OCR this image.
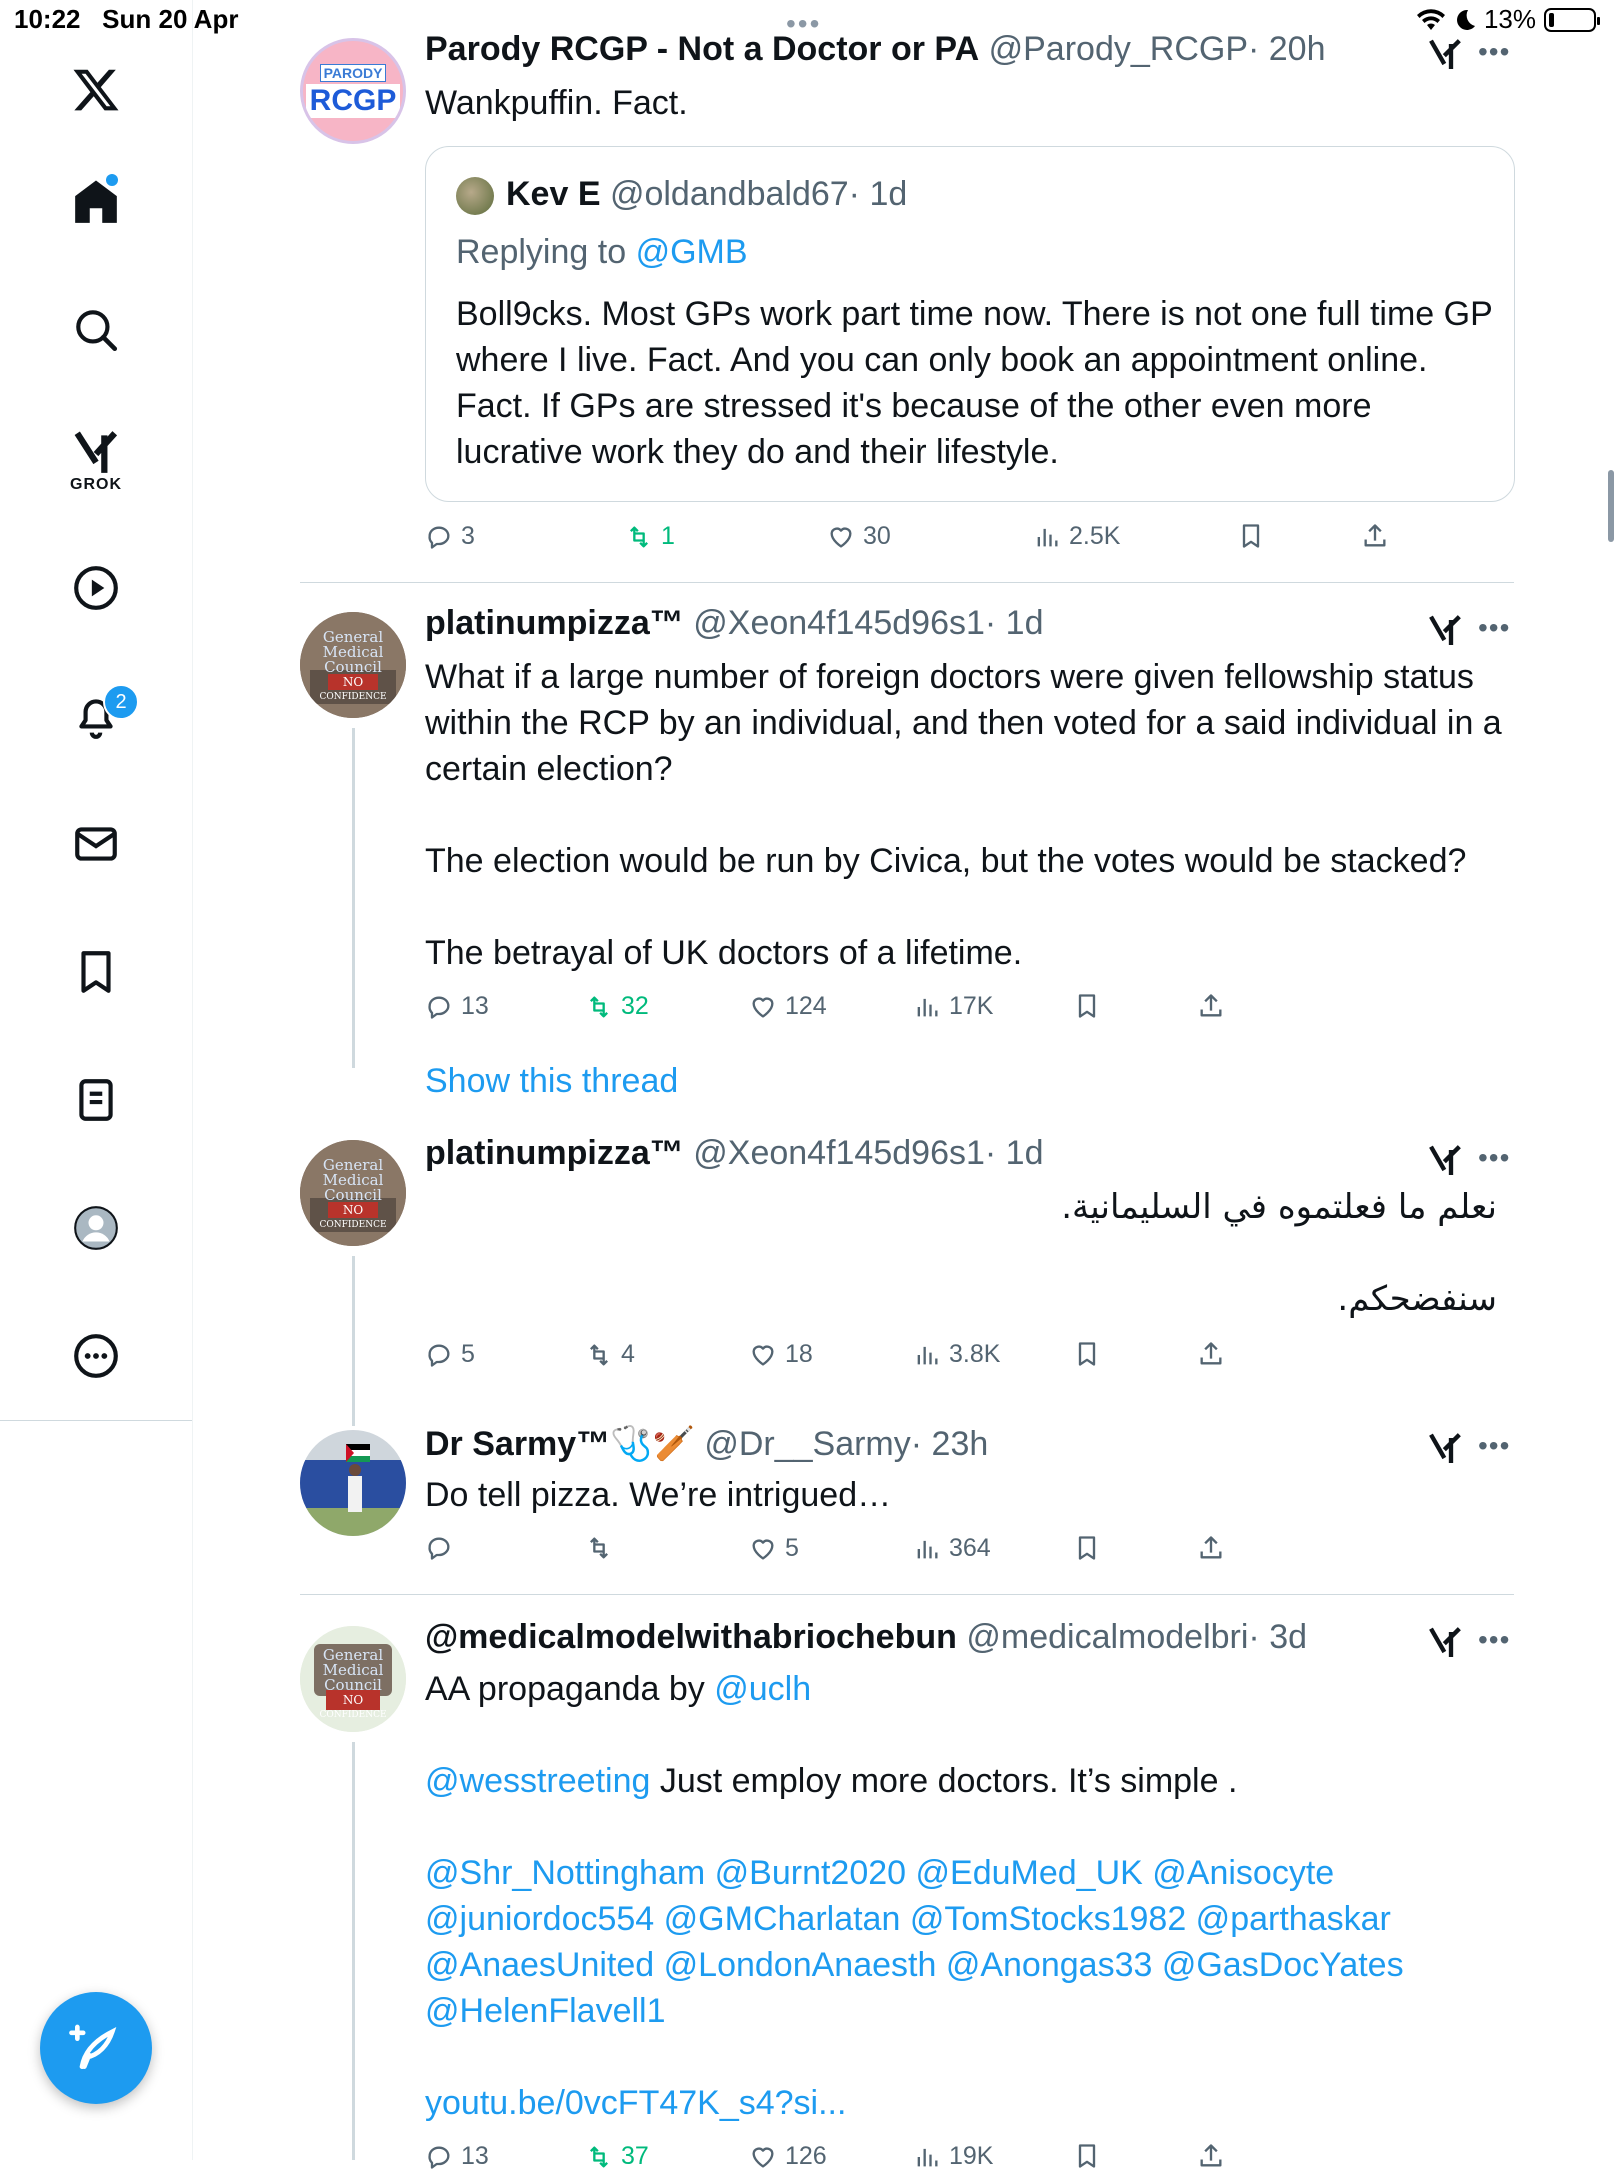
10:22 Sun 20 Apr	•••	13%
GROK
2
PARODY
RCGP
Parody RCGP - Not a Doctor or PA @Parody_RCGP· 20h
Wankpuffin. Fact.
Kev E @oldandbald67· 1d
Replying to @GMB
Boll9cks. Most GPs work part time now. There is not one full time GP where I live. Fact. And you can only book an appointment online. Fact. If GPs are stressed it's because of the other even more lucrative work they do and their lifestyle.
3	1	30	2.5K
General
Medical
Council
NO
CONFIDENCE
platinumpizza™ @Xeon4f145d96s1· 1d

What if a large number of foreign doctors were given fellowship status within the RCP by an individual, and then voted for a said individual in a certain election?

The election would be run by Civica, but the votes would be stacked?

The betrayal of UK doctors of a lifetime.

13	32	124	17K
Show this thread
General
Medical
Council
NO
CONFIDENCE
platinumpizza™ @Xeon4f145d96s1· 1d

نعلم ما فعلتموه في السليمانية.

سنفضحكم.

5	4	18	3.8K
Dr Sarmy™🩺🏏 @Dr__Sarmy· 23h
Do tell pizza. We’re intrigued…
5	364
General
Medical
Council
NO
CONFIDENCE
@medicalmodelwithabriochebun @medicalmodelbri· 3d

AA propaganda by @uclh

@wesstreeting Just employ more doctors. It’s simple .

@Shr_Nottingham @Burnt2020 @EduMed_UK @Anisocyte @juniordoc554 @GMCharlatan @TomStocks1982 @parthaskar @AnaesUnited @LondonAnaesth @Anongas33 @GasDocYates @HelenFlavell1

youtu.be/0vcFT47K_s4?si...

13	37	126	19K
•••
•••
•••
•••
•••
